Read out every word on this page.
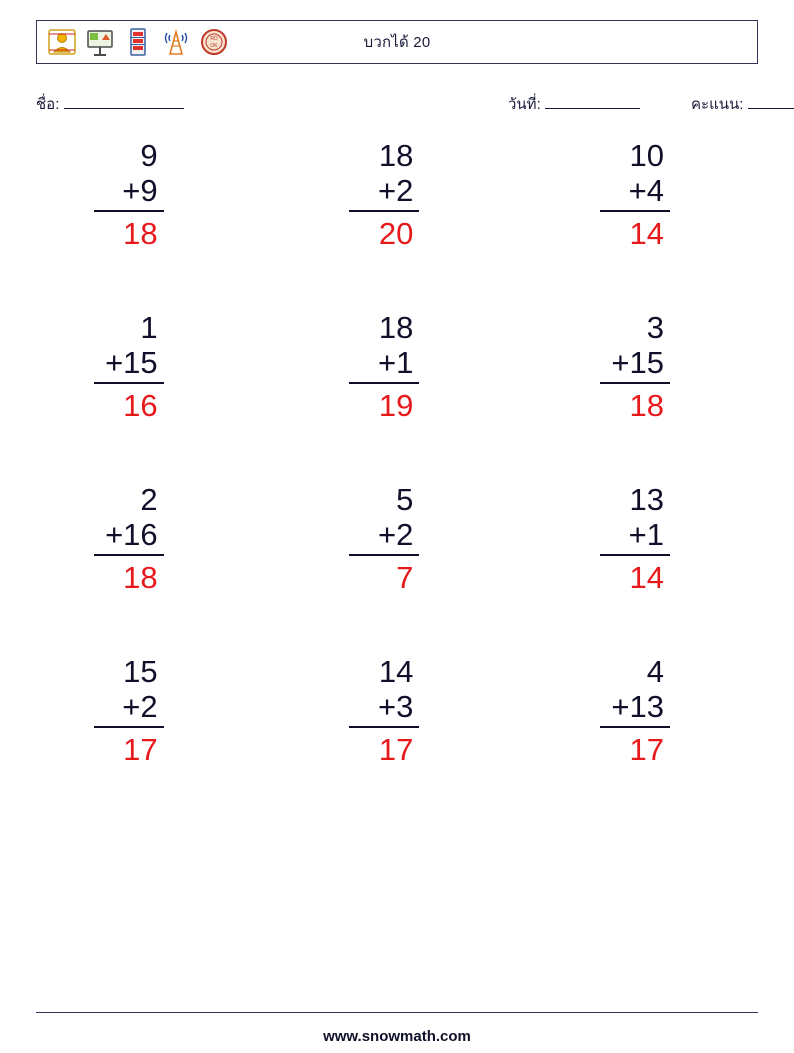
RD
OK	บวกได้ 20
ชื่อ:	วันที่:	คะแนน:
9
+9
18
18
+2
20
10
+4
14
1
+15
16
18
+1
19
3
+15
18
2
+16
18
5
+2
7
13
+1
14
15
+2
17
14
+3
17
4
+13
17
www.snowmath.com
